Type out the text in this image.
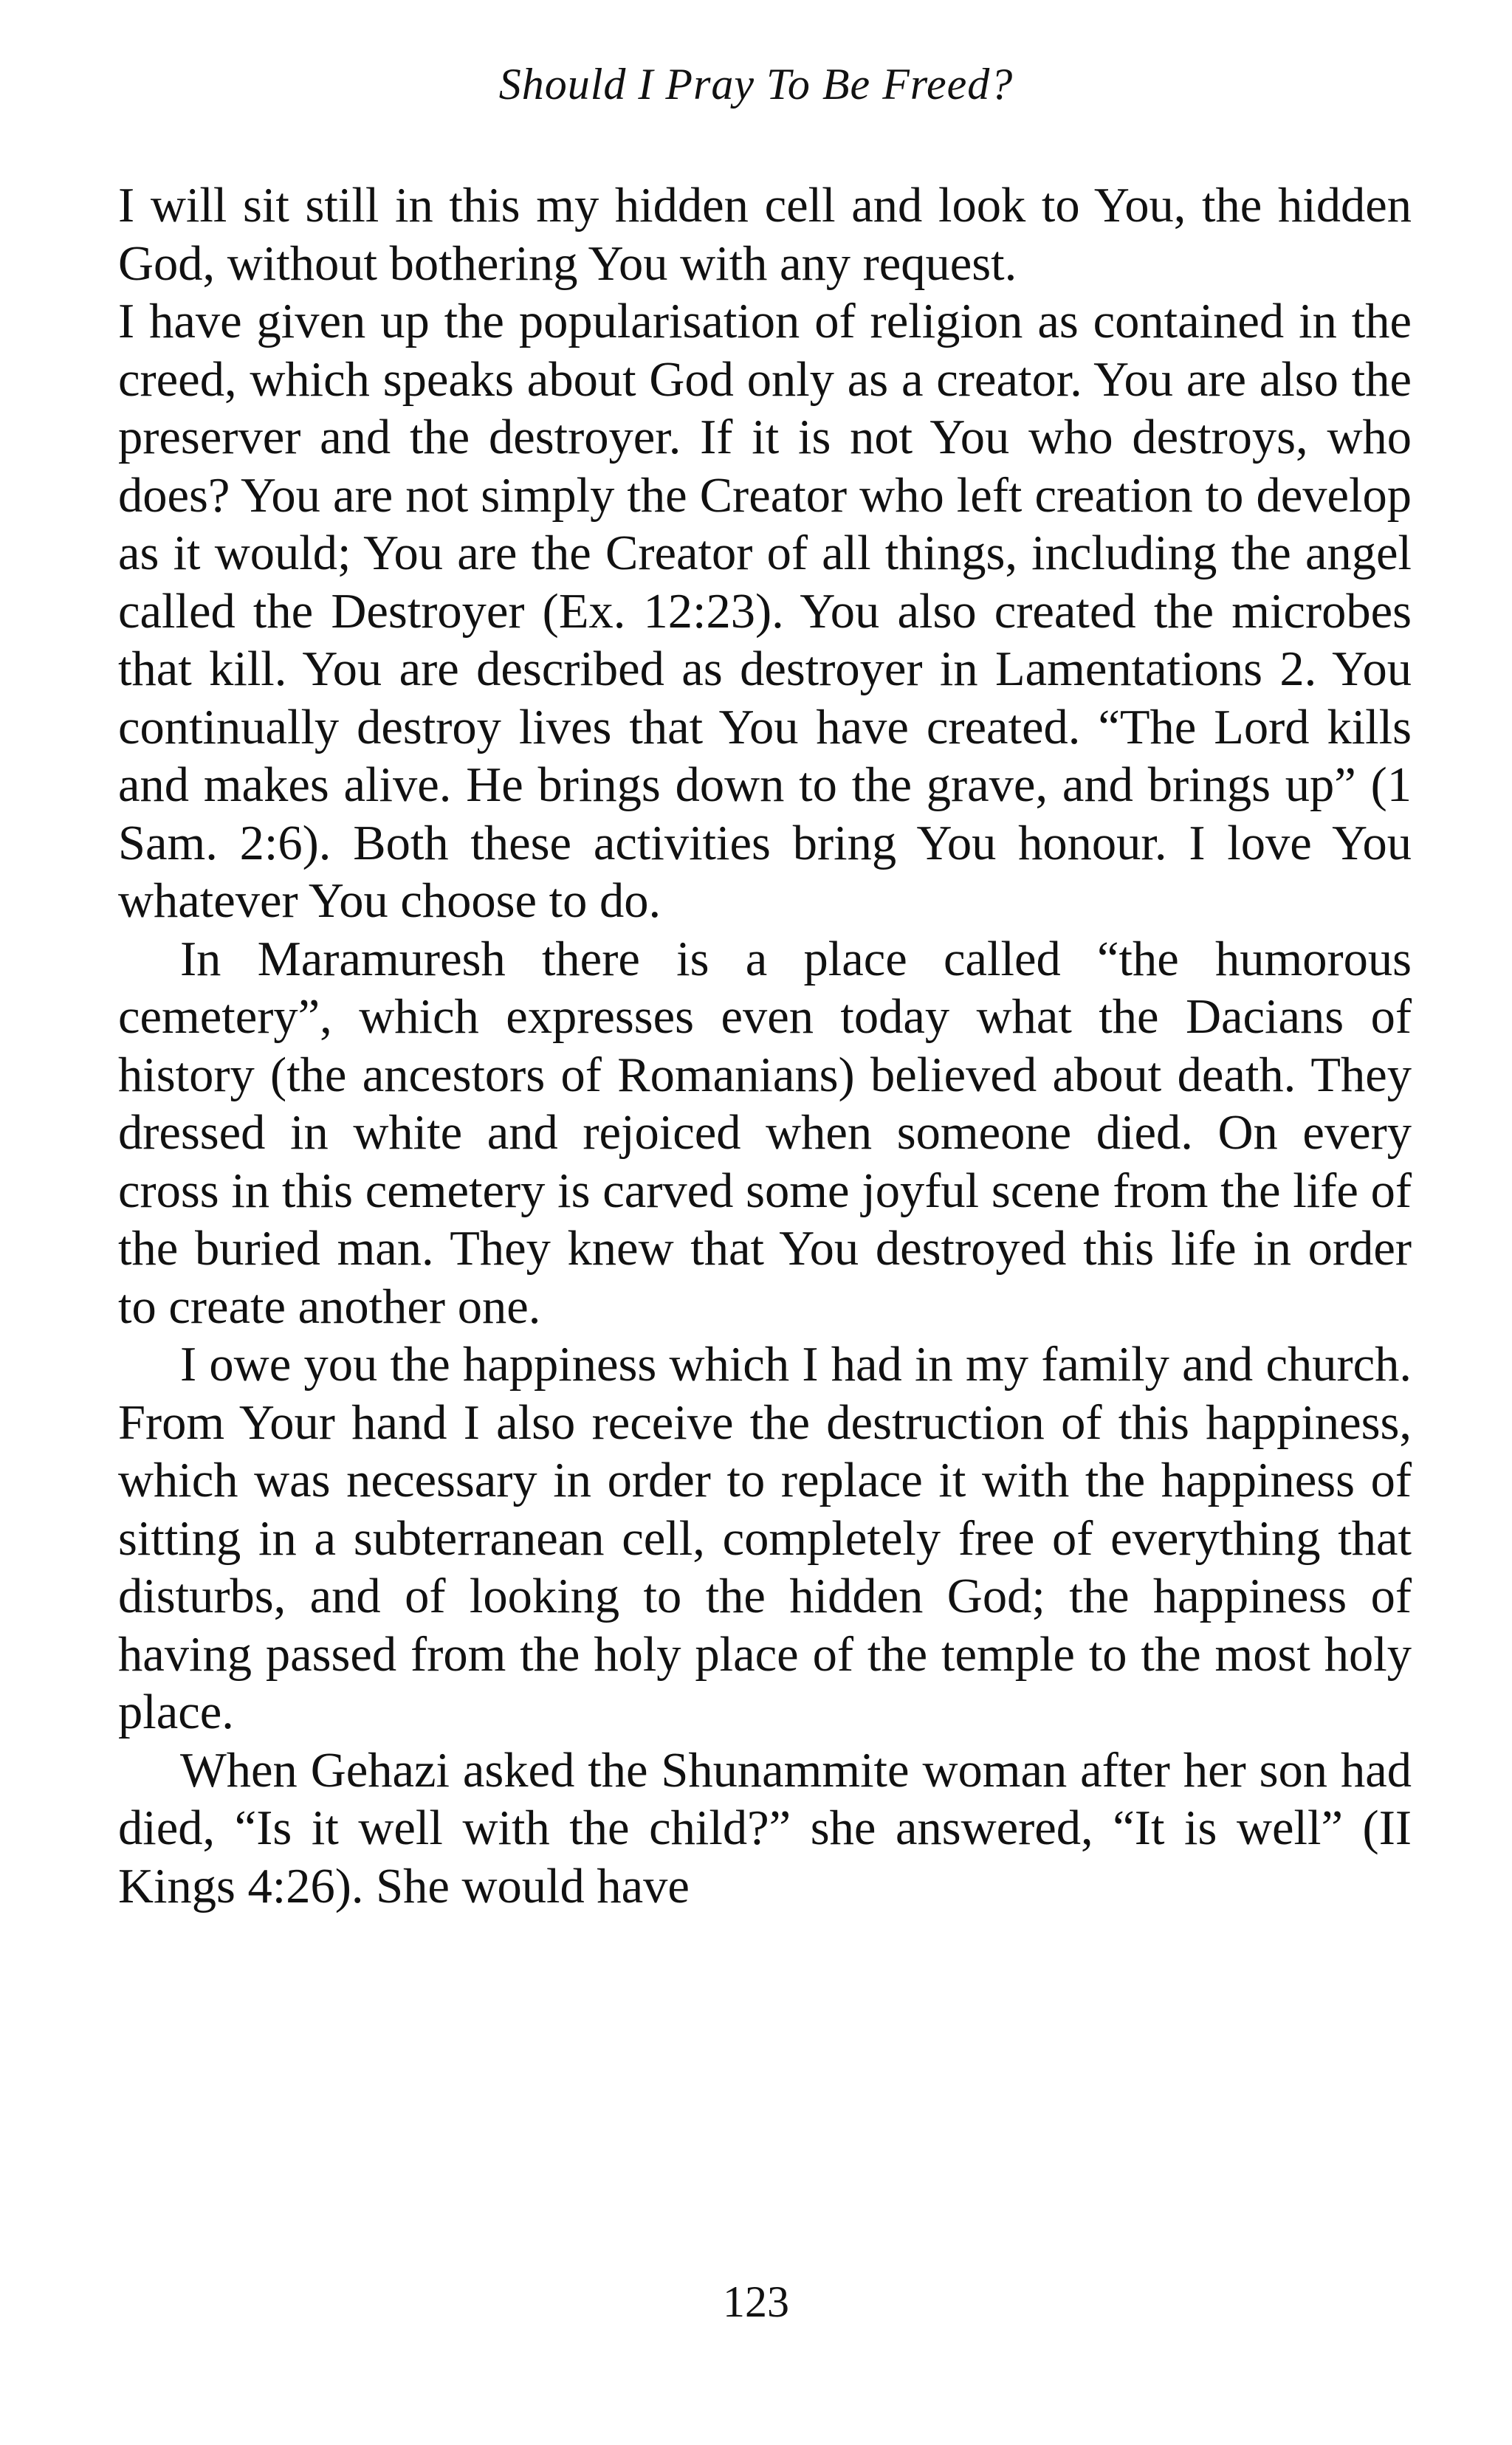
Should I Pray To Be Freed?

I will sit still in this my hidden cell and look to You, the hidden God, without bothering You with any request.

I have given up the popularisation of religion as contained in the creed, which speaks about God only as a creator. You are also the preserver and the destroyer. If it is not You who destroys, who does? You are not simply the Creator who left creation to develop as it would; You are the Creator of all things, including the angel called the Destroyer (Ex. 12:23). You also created the microbes that kill. You are described as destroyer in Lamentations 2. You continually destroy lives that You have created. “The Lord kills and makes alive. He brings down to the grave, and brings up” (1 Sam. 2:6). Both these activities bring You honour. I love You whatever You choose to do.

In Maramuresh there is a place called “the humorous cemetery”, which expresses even today what the Dacians of history (the ancestors of Romanians) believed about death. They dressed in white and rejoiced when someone died. On every cross in this cemetery is carved some joyful scene from the life of the buried man. They knew that You destroyed this life in order to create another one.

I owe you the happiness which I had in my family and church. From Your hand I also receive the destruction of this happiness, which was necessary in order to replace it with the happiness of sitting in a subterranean cell, completely free of everything that disturbs, and of looking to the hidden God; the happiness of having passed from the holy place of the temple to the most holy place.

When Gehazi asked the Shunammite woman after her son had died, “Is it well with the child?” she answered, “It is well” (II Kings 4:26). She would have

123
